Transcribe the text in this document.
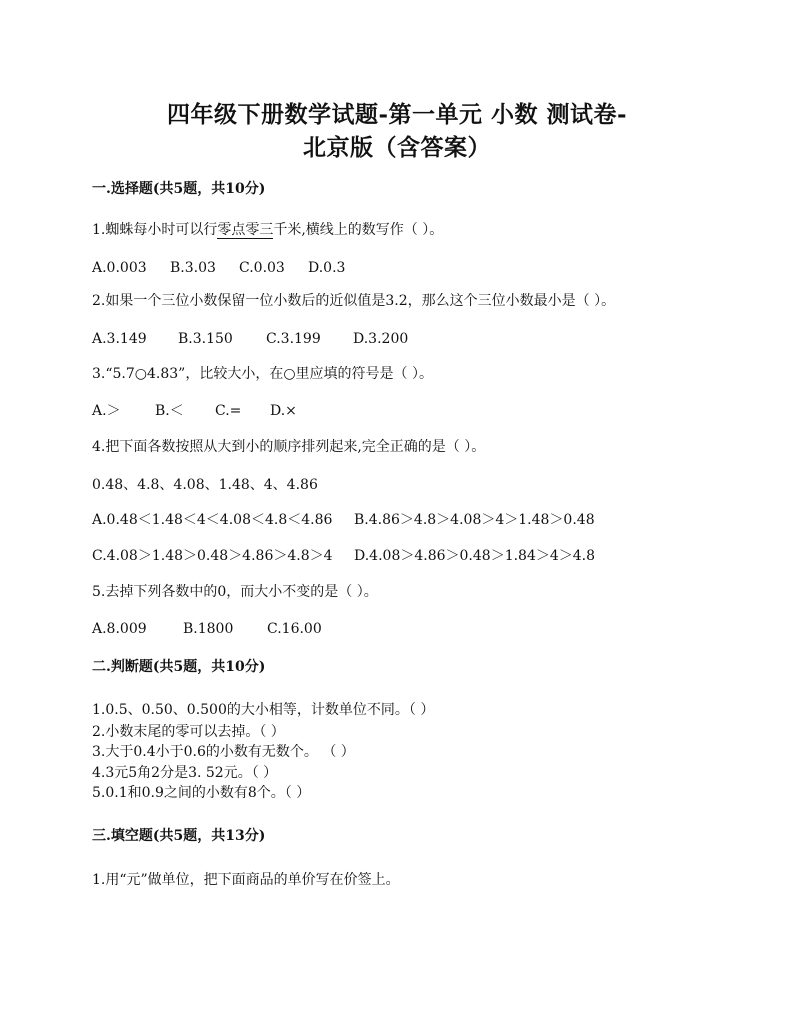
四年级下册数学试题-第一单元 小数 测试卷-
北京版（含答案）
一.选择题(共5题，共10分)
1.蜘蛛每小时可以行零点零三千米,横线上的数写作（ ）。
A.0.003 B.3.03 C.0.03 D.0.3
2.如果一个三位小数保留一位小数后的近似值是3.2，那么这个三位小数最小是（ ）。
A.3.149 B.3.150 C.3.199 D.3.200
3.“5.7○4.83”，比较大小，在○里应填的符号是（ ）。
A.＞ B.＜ C.= D.×
4.把下面各数按照从大到小的顺序排列起来,完全正确的是（ ）。
0.48、4.8、4.08、1.48、4、4.86
A.0.48＜1.48＜4＜4.08＜4.8＜4.86 B.4.86＞4.8＞4.08＞4＞1.48＞0.48
C.4.08＞1.48＞0.48＞4.86＞4.8＞4 D.4.08＞4.86＞0.48＞1.84＞4＞4.8
5.去掉下列各数中的0，而大小不变的是（ ）。
A.8.009	B.1800 C.16.00
二.判断题(共5题，共10分)
1.0.5、0.50、0.500的大小相等，计数单位不同。（ ）
2.小数末尾的零可以去掉。（ ）
3.大于0.4小于0.6的小数有无数个。 （ ）
4.3元5角2分是3. 52元。（ ）
5.0.1和0.9之间的小数有8个。（ ）
三.填空题(共5题，共13分)
1.用“元”做单位，把下面商品的单价写在价签上。
